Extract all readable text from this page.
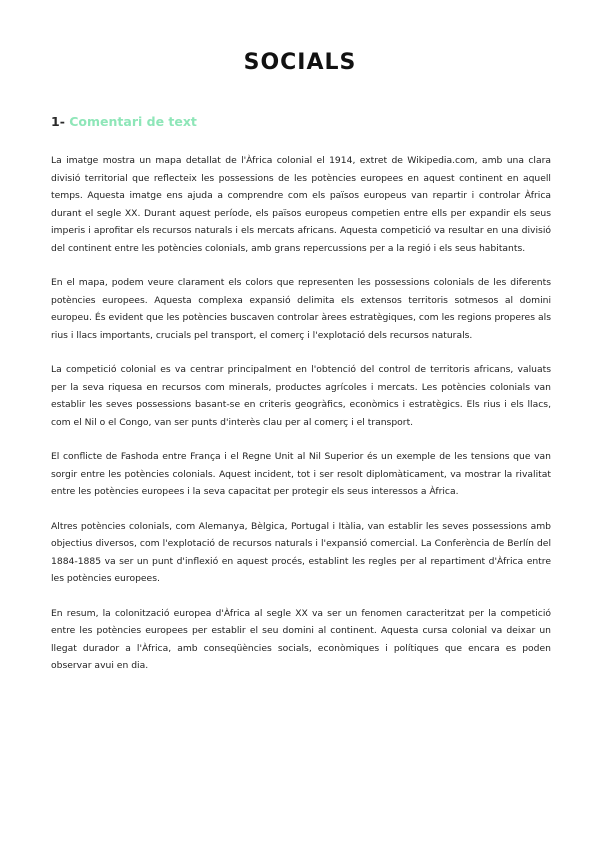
SOCIALS
1- Comentari de text

La imatge mostra un mapa detallat de l'Àfrica colonial el 1914, extret de Wikipedia.com, amb una clara divisió territorial que reflecteix les possessions de les potències europees en aquest continent en aquell temps. Aquesta imatge ens ajuda a comprendre com els països europeus van repartir i controlar Àfrica durant el segle XX. Durant aquest període, els països europeus competien entre ells per expandir els seus imperis i aprofitar els recursos naturals i els mercats africans. Aquesta competició va resultar en una divisió del continent entre les potències colonials, amb grans repercussions per a la regió i els seus habitants.

En el mapa, podem veure clarament els colors que representen les possessions colonials de les diferents potències europees. Aquesta complexa expansió delimita els extensos territoris sotmesos al domini europeu. És evident que les potències buscaven controlar àrees estratègiques, com les regions properes als rius i llacs importants, crucials pel transport, el comerç i l'explotació dels recursos naturals.

La competició colonial es va centrar principalment en l'obtenció del control de territoris africans, valuats per la seva riquesa en recursos com minerals, productes agrícoles i mercats. Les potències colonials van establir les seves possessions basant-se en criteris geogràfics, econòmics i estratègics. Els rius i els llacs, com el Nil o el Congo, van ser punts d'interès clau per al comerç i el transport.

El conflicte de Fashoda entre França i el Regne Unit al Nil Superior és un exemple de les tensions que van sorgir entre les potències colonials. Aquest incident, tot i ser resolt diplomàticament, va mostrar la rivalitat entre les potències europees i la seva capacitat per protegir els seus interessos a Àfrica.

Altres potències colonials, com Alemanya, Bèlgica, Portugal i Itàlia, van establir les seves possessions amb objectius diversos, com l'explotació de recursos naturals i l'expansió comercial. La Conferència de Berlín del 1884-1885 va ser un punt d'inflexió en aquest procés, establint les regles per al repartiment d'Àfrica entre les potències europees.

En resum, la colonització europea d'Àfrica al segle XX va ser un fenomen caracteritzat per la competició entre les potències europees per establir el seu domini al continent. Aquesta cursa colonial va deixar un llegat durador a l'Àfrica, amb conseqüències socials, econòmiques i polítiques que encara es poden observar avui en dia.
